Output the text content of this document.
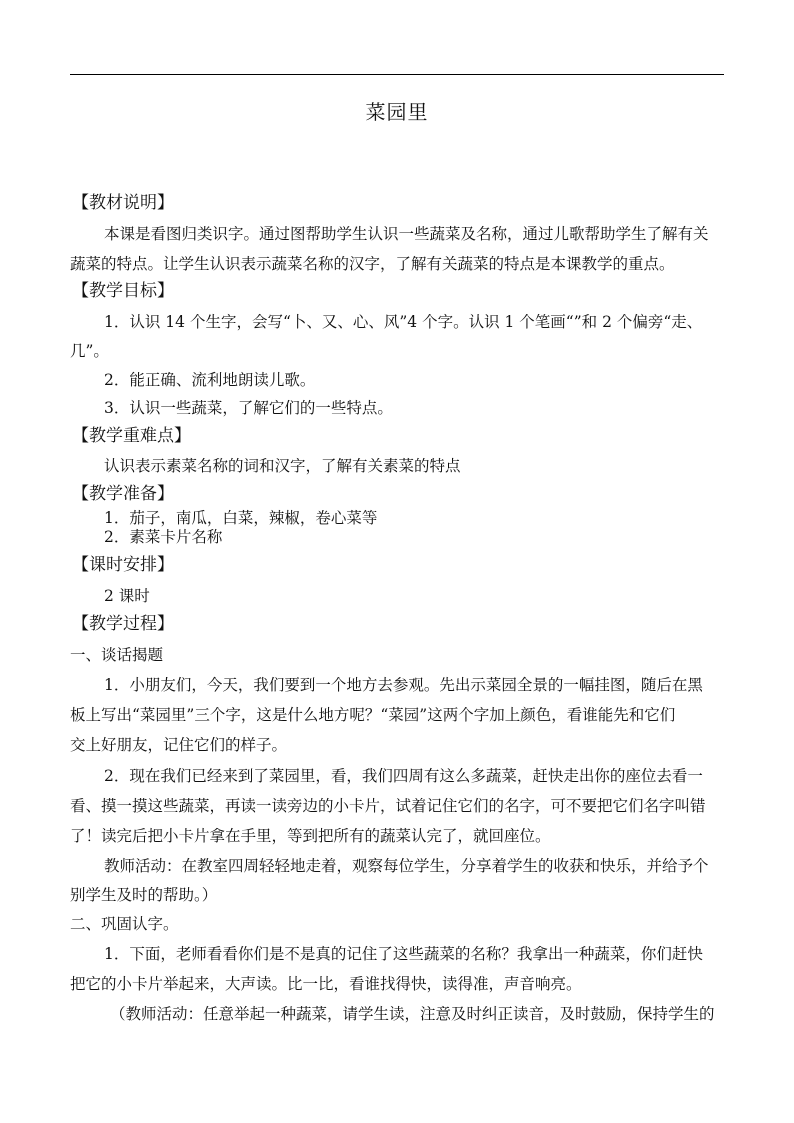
菜园里
【教材说明】
本课是看图归类识字。通过图帮助学生认识一些蔬菜及名称，通过儿歌帮助学生了解有关
蔬菜的特点。让学生认识表示蔬菜名称的汉字，了解有关蔬菜的特点是本课教学的重点。
【教学目标】
1．认识 14 个生字，会写“卜、又、心、风”4 个字。认识 1 个笔画“”和 2 个偏旁“走、
几”。
2．能正确、流利地朗读儿歌。
3．认识一些蔬菜，了解它们的一些特点。
【教学重难点】
认识表示素菜名称的词和汉字，了解有关素菜的特点
【教学准备】
1．茄子，南瓜，白菜，辣椒，卷心菜等
2．素菜卡片名称
【课时安排】
2 课时
【教学过程】
一、谈话揭题
1．小朋友们，今天，我们要到一个地方去参观。先出示菜园全景的一幅挂图，随后在黑
板上写出“菜园里”三个字，这是什么地方呢？“菜园”这两个字加上颜色，看谁能先和它们
交上好朋友，记住它们的样子。
2．现在我们已经来到了菜园里，看，我们四周有这么多蔬菜，赶快走出你的座位去看一
看、摸一摸这些蔬菜，再读一读旁边的小卡片，试着记住它们的名字，可不要把它们名字叫错
了！读完后把小卡片拿在手里，等到把所有的蔬菜认完了，就回座位。
教师活动：在教室四周轻轻地走着，观察每位学生，分享着学生的收获和快乐，并给予个
别学生及时的帮助。）
二、巩固认字。
1．下面，老师看看你们是不是真的记住了这些蔬菜的名称？我拿出一种蔬菜，你们赶快
把它的小卡片举起来，大声读。比一比，看谁找得快，读得准，声音响亮。
（教师活动：任意举起一种蔬菜，请学生读，注意及时纠正读音，及时鼓励，保持学生的
